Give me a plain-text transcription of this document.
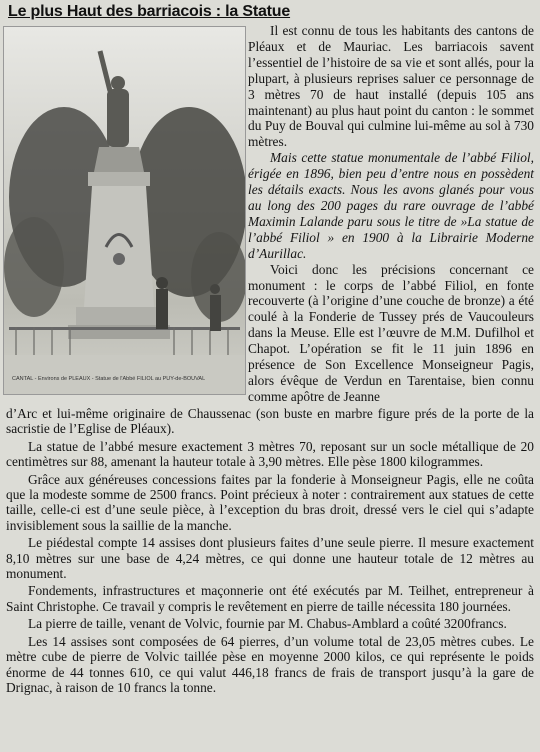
Le plus Haut des barriacois : la Statue
CANTAL - Environs de PLEAUX - Statue de l'Abbé FILIOL au PUY-de-BOUVAL

Il est connu de tous les habitants des cantons de Pléaux et de Mauriac. Les barriacois savent l’essentiel de l’histoire de sa vie et sont allés, pour la plupart, à plusieurs reprises saluer ce personnage de 3 mètres 70 de haut installé (depuis 105 ans maintenant) au plus haut point du canton : le sommet du Puy de Bouval qui culmine lui-même au sol à 730 mètres.

Mais cette statue monumentale de l’abbé Filiol, érigée en 1896, bien peu d’entre nous en possèdent les détails exacts. Nous les avons glanés pour vous au long des 200 pages du rare ouvrage de l’abbé Maximin Lalande paru sous le titre de »La statue de l’abbé Filiol » en 1900 à la Librairie Moderne d’Aurillac.

Voici donc les précisions concernant ce monument : le corps de l’abbé Filiol, en fonte recouverte (à l’origine d’une couche de bronze) a été coulé à la Fonderie de Tussey prés de Vaucouleurs dans la Meuse. Elle est l’œuvre de M.M. Dufilhol et Chapot. L’opération se fit le 11 juin 1896 en présence de Son Excellence Monseigneur Pagis, alors évêque de Verdun en Tarentaise, bien connu comme apôtre de Jeanne

d’Arc et lui-même originaire de Chaussenac (son buste en marbre figure prés de la porte de la sacristie de l’Eglise de Pléaux).

La statue de l’abbé mesure exactement 3 mètres 70, reposant sur un socle métallique de 20 centimètres sur 88, amenant la hauteur totale à 3,90 mètres. Elle pèse 1800 kilogrammes.

Grâce aux généreuses concessions faites par la fonderie à Monseigneur Pagis, elle ne coûta que la modeste somme de 2500 francs. Point précieux à noter : contrairement aux statues de cette taille, celle-ci est d’une seule pièce, à l’exception du bras droit, dressé vers le ciel qui s’adapte invisiblement sous la saillie de la manche.

Le piédestal compte 14 assises dont plusieurs faites d’une seule pierre. Il mesure exactement 8,10 mètres sur une base de 4,24 mètres, ce qui donne une hauteur totale de 12 mètres au monument.

Fondements, infrastructures et maçonnerie ont été exécutés par M. Teilhet, entrepreneur à Saint Christophe. Ce travail y compris le revêtement en pierre de taille nécessita 180 journées.

La pierre de taille, venant de Volvic, fournie par M. Chabus-Amblard a coûté 3200francs.

Les 14 assises sont composées de 64 pierres, d’un volume total de 23,05 mètres cubes. Le mètre cube de pierre de Volvic taillée pèse en moyenne 2000 kilos, ce qui représente le poids énorme de 44 tonnes 610, ce qui valut 446,18 francs de frais de transport jusqu’à la gare de Drignac, à raison de 10 francs la tonne.
